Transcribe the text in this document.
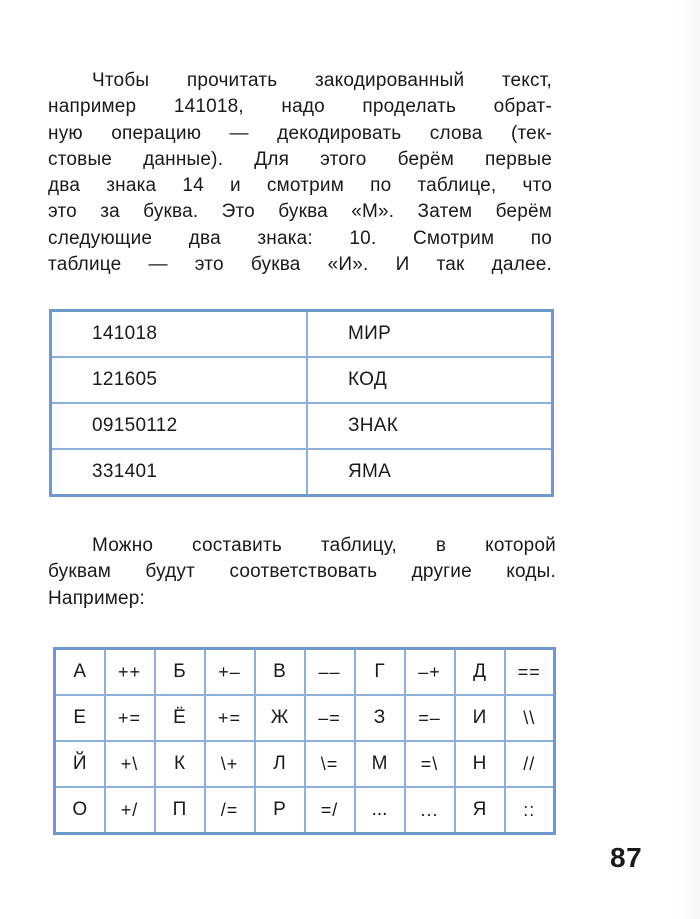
Чтобы прочитать закодированный текст,
например 141018, надо проделать обрат-
ную операцию — декодировать слова (тек-
стовые данные). Для этого берём первые
два знака 14 и смотрим по таблице, что
это за буква. Это буква «М». Затем берём
следующие два знака: 10. Смотрим по
таблице — это буква «И». И так далее.
141018	МИР
121605	КОД
09150112	ЗНАК
331401	ЯМА
Можно составить таблицу, в которой
буквам будут соответствовать другие коды.
Например:
А	++	Б	+–	В	––	Г	–+	Д	==
Е	+=	Ё	+=	Ж	–=	З	=–	И	\\
Й	+\	К	\+	Л	\=	М	=\	Н	//
О	+/	П	/=	Р	=/	...	...	Я	::
87
